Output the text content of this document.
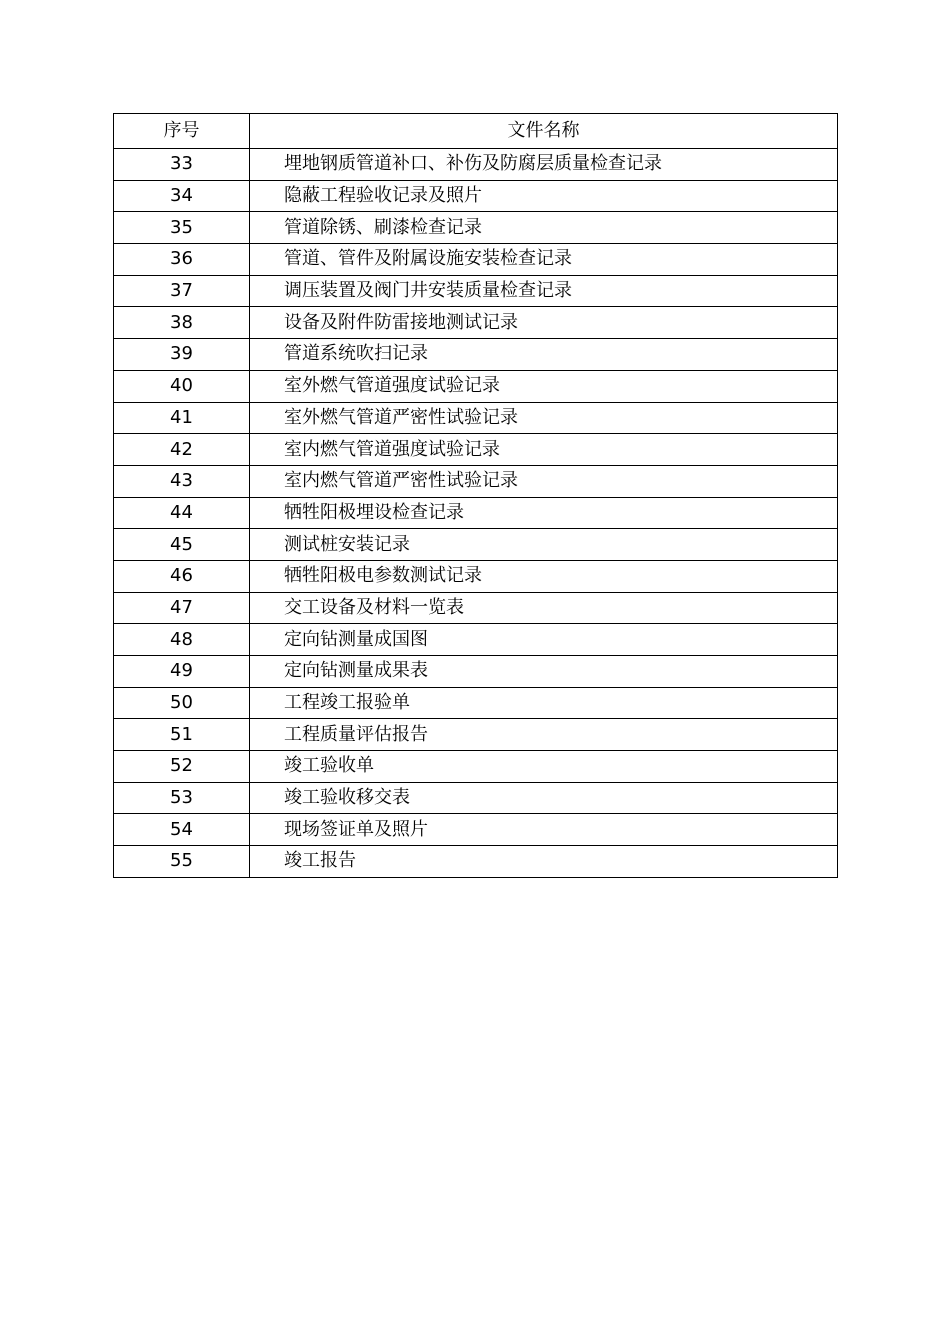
序号	文件名称
33	埋地钢质管道补口、补伤及防腐层质量检查记录
34	隐蔽工程验收记录及照片
35	管道除锈、刷漆检查记录
36	管道、管件及附属设施安装检查记录
37	调压装置及阀门井安装质量检查记录
38	设备及附件防雷接地测试记录
39	管道系统吹扫记录
40	室外燃气管道强度试验记录
41	室外燃气管道严密性试验记录
42	室内燃气管道强度试验记录
43	室内燃气管道严密性试验记录
44	牺牲阳极埋设检查记录
45	测试桩安装记录
46	牺牲阳极电参数测试记录
47	交工设备及材料一览表
48	定向钻测量成国图
49	定向钻测量成果表
50	工程竣工报验单
51	工程质量评估报告
52	竣工验收单
53	竣工验收移交表
54	现场签证单及照片
55	竣工报告
